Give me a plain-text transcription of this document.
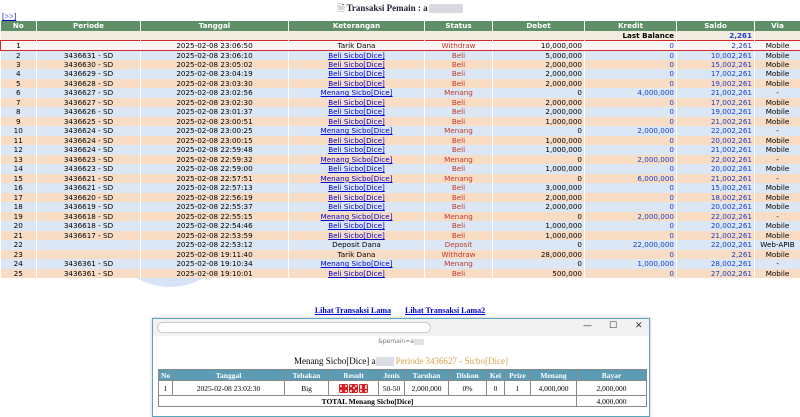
🗎 Transaksi Pemain : a
[>>]
No	Periode	Tanggal	Keterangan	Status	Debet	Kredit	Saldo	Via
Last Balance							2,261	
1		2025-02-08 23:06:50	Tarik Dana	Withdraw	10,000,000	0	2,261	Mobile
2	3436631 - SD	2025-02-08 23:06:10	Beli Sicbo[Dice]	Beli	5,000,000	0	10,002,261	Mobile
3	3436630 - SD	2025-02-08 23:05:02	Beli Sicbo[Dice]	Beli	2,000,000	0	15,002,261	Mobile
4	3436629 - SD	2025-02-08 23:04:19	Beli Sicbo[Dice]	Beli	2,000,000	0	17,002,261	Mobile
5	3436628 - SD	2025-02-08 23:03:30	Beli Sicbo[Dice]	Beli	2,000,000	0	19,002,261	Mobile
6	3436627 - SD	2025-02-08 23:02:56	Menang Sicbo[Dice]	Menang	0	4,000,000	21,002,261	-
7	3436627 - SD	2025-02-08 23:02:30	Beli Sicbo[Dice]	Beli	2,000,000	0	17,002,261	Mobile
8	3436626 - SD	2025-02-08 23:01:37	Beli Sicbo[Dice]	Beli	2,000,000	0	19,002,261	Mobile
9	3436625 - SD	2025-02-08 23:00:51	Beli Sicbo[Dice]	Beli	1,000,000	0	21,002,261	Mobile
10	3436624 - SD	2025-02-08 23:00:25	Menang Sicbo[Dice]	Menang	0	2,000,000	22,002,261	-
11	3436624 - SD	2025-02-08 23:00:15	Beli Sicbo[Dice]	Beli	1,000,000	0	20,002,261	Mobile
12	3436624 - SD	2025-02-08 22:59:48	Beli Sicbo[Dice]	Beli	1,000,000	0	21,002,261	Mobile
13	3436623 - SD	2025-02-08 22:59:32	Menang Sicbo[Dice]	Menang	0	2,000,000	22,002,261	-
14	3436623 - SD	2025-02-08 22:59:00	Beli Sicbo[Dice]	Beli	1,000,000	0	20,002,261	Mobile
15	3436621 - SD	2025-02-08 22:57:51	Menang Sicbo[Dice]	Menang	0	6,000,000	21,002,261	-
16	3436621 - SD	2025-02-08 22:57:13	Beli Sicbo[Dice]	Beli	3,000,000	0	15,002,261	Mobile
17	3436620 - SD	2025-02-08 22:56:19	Beli Sicbo[Dice]	Beli	2,000,000	0	18,002,261	Mobile
18	3436619 - SD	2025-02-08 22:55:37	Beli Sicbo[Dice]	Beli	2,000,000	0	20,002,261	Mobile
19	3436618 - SD	2025-02-08 22:55:15	Menang Sicbo[Dice]	Menang	0	2,000,000	22,002,261	-
20	3436618 - SD	2025-02-08 22:54:46	Beli Sicbo[Dice]	Beli	1,000,000	0	20,002,261	Mobile
21	3436617 - SD	2025-02-08 22:53:59	Beli Sicbo[Dice]	Beli	1,000,000	0	21,002,261	Mobile
22		2025-02-08 22:53:12	Deposit Dana	Deposit	0	22,000,000	22,002,261	Web-APIB
23		2025-02-08 19:11:40	Tarik Dana	Withdraw	28,000,000	0	2,261	Mobile
24	3436361 - SD	2025-02-08 19:10:34	Menang Sicbo[Dice]	Menang	0	1,000,000	28,002,261	-
25	3436361 - SD	2025-02-08 19:10:01	Beli Sicbo[Dice]	Beli	500,000	0	27,002,261	Mobile
Lihat Transaksi Lama Lihat Transaksi Lama2
— ☐ ✕
&pemain=a
Menang Sicbo[Dice] a Periode 3436627 - Sicbo[Dice]
No	Tanggal	Tebakan	Result	Jenis	Taruhan	Diskon	Kei	Prize	Menang	Bayar
1	2025-02-08 23:02:30	Big		50-50	2,000,000	0%	0	1	4,000,000	2,000,000
TOTAL Menang Sicbo[Dice]										4,000,000
